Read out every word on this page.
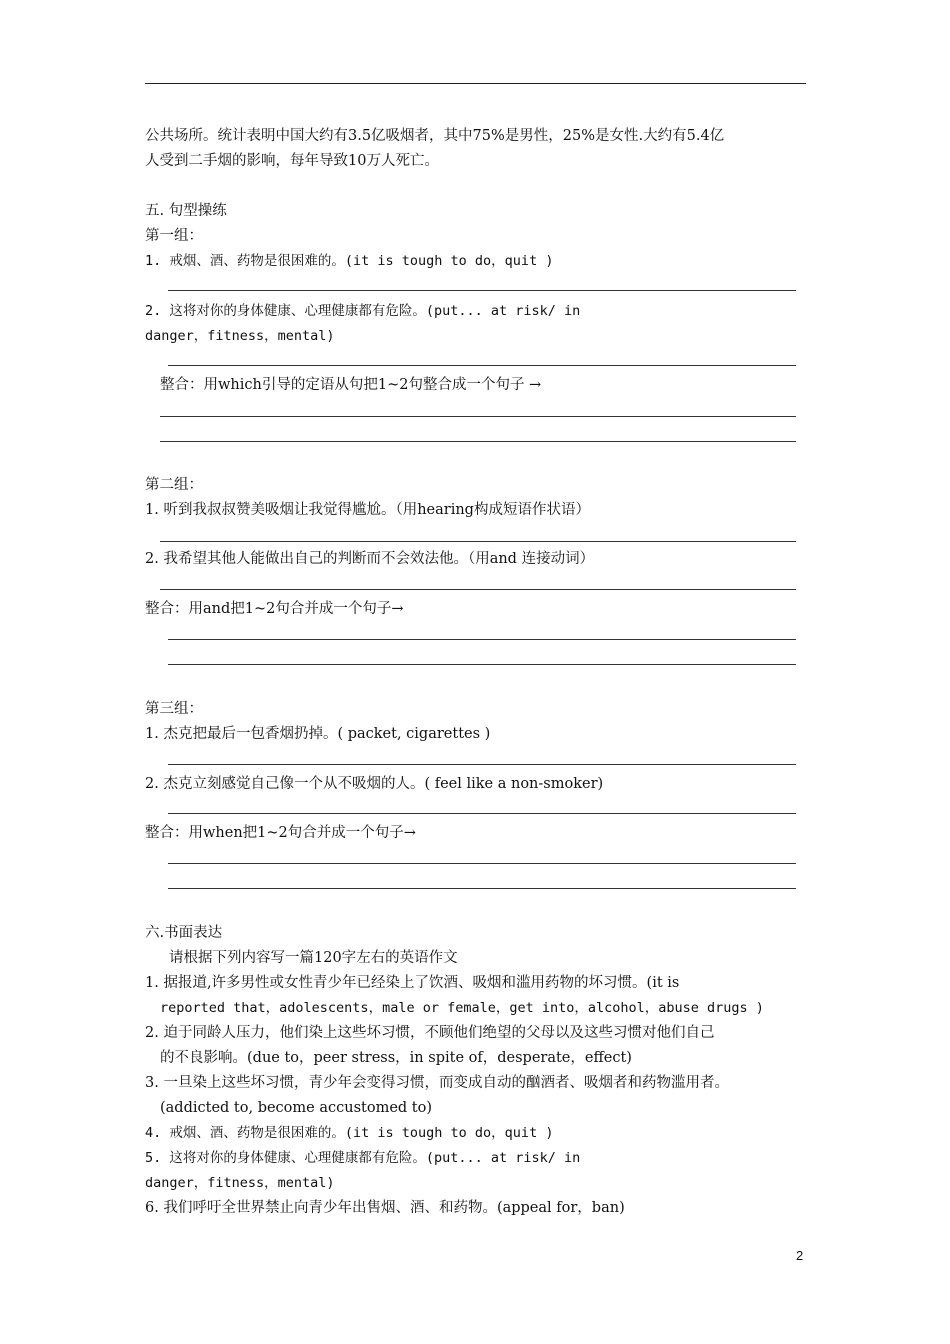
公共场所。统计表明中国大约有3.5亿吸烟者，其中75%是男性，25%是女性.大约有5.4亿
人受到二手烟的影响，每年导致10万人死亡。
五. 句型操练
第一组：
1. 戒烟、酒、药物是很困难的。(it is tough to do，quit )
2. 这将对你的身体健康、心理健康都有危险。(put... at risk/ in
danger，fitness，mental)
整合：用which引导的定语从句把1~2句整合成一个句子 →
第二组：
1. 听到我叔叔赞美吸烟让我觉得尴尬。（用hearing构成短语作状语）
2. 我希望其他人能做出自己的判断而不会效法他。（用and 连接动词）
整合：用and把1~2句合并成一个句子→
第三组：
1. 杰克把最后一包香烟扔掉。( packet, cigarettes )
2. 杰克立刻感觉自己像一个从不吸烟的人。( feel like a non-smoker)
整合：用when把1~2句合并成一个句子→
六.书面表达
请根据下列内容写一篇120字左右的英语作文
1. 据报道,许多男性或女性青少年已经染上了饮酒、吸烟和滥用药物的坏习惯。(it is
reported that，adolescents，male or female，get into，alcohol，abuse drugs )
2. 迫于同龄人压力，他们染上这些坏习惯，不顾他们绝望的父母以及这些习惯对他们自己
的不良影响。(due to，peer stress，in spite of，desperate，effect)
3. 一旦染上这些坏习惯，青少年会变得习惯，而变成自动的酗酒者、吸烟者和药物滥用者。
(addicted to, become accustomed to)
4. 戒烟、酒、药物是很困难的。(it is tough to do，quit )
5. 这将对你的身体健康、心理健康都有危险。(put... at risk/ in
danger，fitness，mental)
6. 我们呼吁全世界禁止向青少年出售烟、酒、和药物。(appeal for，ban)
2
